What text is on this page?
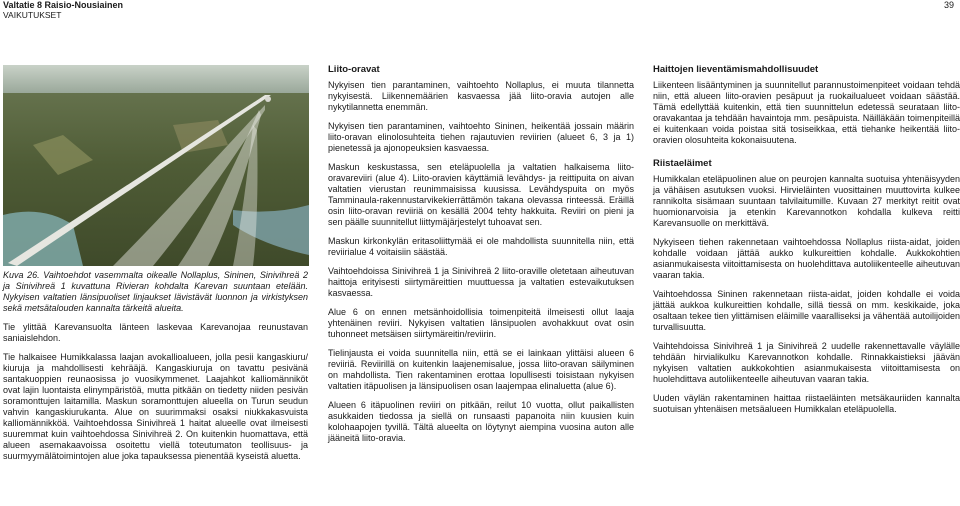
Valtatie 8 Raisio-Nousiainen
VAIKUTUKSET
39

Kuva 26. Vaihtoehdot vasemmalta oikealle Nollaplus, Sininen, Sinivihreä 2 ja Sinivihreä 1 kuvattuna Rivieran kohdalta Karevan suuntaan etelään. Nykyisen valtatien länsipuoliset linjaukset lävistävät luonnon ja virkistyksen sekä metsätalouden kannalta tärkeitä alueita.

Tie ylittää Karevansuolta länteen laskevaa Karevanojaa reunustavan saniaislehdon.

Tie halkaisee Humikkalassa laajan avokallioalueen, jolla pesii kangaskiuru/ kiuruja ja mahdollisesti kehrääjä. Kangaskiuruja on tavattu pesivänä santakuoppien reunaosissa jo vuosikymmenet. Laajahkot kalliomänniköt ovat lajin luontaista elinympäristöä, mutta pitkään on tiedetty niiden pesivän soramonttujen laitamilla. Maskun soramonttujen alueella on Turun seudun vahvin kangaskiurukanta. Alue on suurimmaksi osaksi niukkakasvuista kalliomännikköä. Vaihtoehdossa Sinivihreä 1 haitat alueelle ovat ilmeisesti suuremmat kuin vaihtoehdossa Sinivihreä 2. On kuitenkin huomattava, että alueen asemakaavoissa osoitettu viellä toteutumaton teollisuus- ja suurmyymälätoimintojen alue joka tapauksessa pienentää kyseistä aluetta.

Liito-oravat

Nykyisen tien parantaminen, vaihtoehto Nollaplus, ei muuta tilannetta nykyisestä. Liikennemäärien kasvaessa jää liito-oravia autojen alle nykytilannetta enemmän.

Nykyisen tien parantaminen, vaihtoehto Sininen, heikentää jossain määrin liito-oravan elinolosuhteita tiehen rajautuvien reviirien (alueet 6, 3 ja 1) pienetessä ja ajonopeuksien kasvaessa.

Maskun keskustassa, sen eteläpuolella ja valtatien halkaisema liito-oravareviiri (alue 4). Liito-oravien käyttämiä levähdys- ja reittipuita on aivan valtatien vierustan reunimmaisissa kuusissa. Levähdyspuita on myös Tamminaula-rakennustarvikekierrättämön takana olevassa rinteessä. Eräillä osin liito-oravan reviiriä on kesällä 2004 tehty hakkuita. Reviiri on pieni ja sen päälle suunnitellut liittymäjärjestelyt tuhoavat sen.

Maskun kirkonkylän eritasoliittymää ei ole mahdollista suunnitella niin, että reviirialue 4 voitaisiin säästää.

Vaihtoehdoissa Sinivihreä 1 ja Sinivihreä 2 liito-oraville oletetaan aiheutuvan haittoja erityisesti siirtymäreittien muuttuessa ja valtatien estevaikutuksen kasvaessa.

Alue 6 on ennen metsänhoidollisia toimenpiteitä ilmeisesti ollut laaja yhtenäinen reviiri. Nykyisen valtatien länsipuolen avohakkuut ovat osin tuhonneet metsäisen siirtymäreitin/reviirin.

Tielinjausta ei voida suunnitella niin, että se ei lainkaan ylittäisi alueen 6 reviiriä. Reviirillä on kuitenkin laajenemisalue, jossa liito-oravan säilyminen on mahdollista. Tien rakentaminen erottaa lopullisesti toisistaan nykyisen valtatien itäpuolisen ja länsipuolisen osan laajempaa elinaluetta (alue 6).

Alueen 6 itäpuolinen reviiri on pitkään, reilut 10 vuotta, ollut paikallisten asukkaiden tiedossa ja siellä on runsaasti papanoita niin kuusien kuin kolohaapojen tyvillä. Tältä alueelta on löytynyt aiempina vuosina auton alle jääneitä liito-oravia.

Haittojen lieventämismahdollisuudet

Liikenteen lisääntyminen ja suunnitellut parannustoimenpiteet voidaan tehdä niin, että alueen liito-oravien pesäpuut ja ruokailualueet voidaan säästää. Tämä edellyttää kuitenkin, että tien suunnittelun edetessä seurataan liito-oravakantaa ja tehdään havaintoja mm. pesäpuista. Näilläkään toimenpiteillä ei kuitenkaan voida poistaa sitä tosiseikkaa, että tiehanke heikentää liito-oravien olosuhteita kokonaisuutena.

Riistaeläimet

Humikkalan eteläpuolinen alue on peurojen kannalta suotuisa yhtenäisyyden ja vähäisen asutuksen vuoksi. Hirvieläinten vuosittainen muuttovirta kulkee rannikolta sisämaan suuntaan talvilaitumille. Kuvaan 27 merkityt reitit ovat huomionarvoisia ja etenkin Karevannotkon kohdalla kulkeva reitti Karevansuolle on merkittävä.

Nykyiseen tiehen rakennetaan vaihtoehdossa Nollaplus riista-aidat, joiden kohdalle voidaan jättää aukko kulkureittien kohdalle. Aukkokohtien asianmukaisesta viitoittamisesta on huolehdittava autoliikenteelle aiheutuvan vaaran takia.

Vaihtoehdossa Sininen rakennetaan riista-aidat, joiden kohdalle ei voida jättää aukkoa kulkureittien kohdalle, sillä tiessä on mm. keskikaide, joka osaltaan tekee tien ylittämisen eläimille vaaralliseksi ja vähentää autoilijoiden turvallisuutta.

Vaihtehdoissa Sinivihreä 1 ja Sinivihreä 2 uudelle rakennettavalle väylälle tehdään hirvialikulku Karevannotkon kohdalle. Rinnakkaistieksi jäävän nykyisen valtatien aukkokohtien asianmukaisesta viitoittamisesta on huolehdittava autoliikenteelle aiheutuvan vaaran takia.

Uuden väylän rakentaminen haittaa riistaeläinten metsäkauriiden kannalta suotuisan yhtenäisen metsäalueen Humikkalan eteläpuolella.
